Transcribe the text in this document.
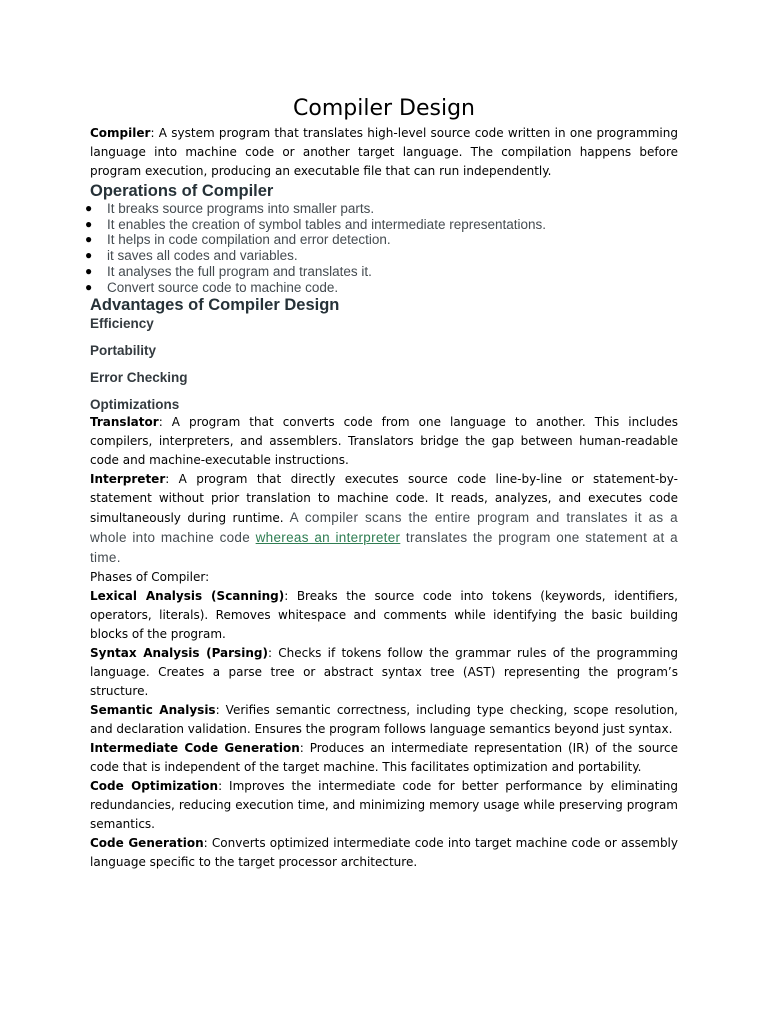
Compiler Design

Compiler: A system program that translates high-level source code written in one programming language into machine code or another target language. The compilation happens before program execution, producing an executable file that can run independently.

Operations of Compiler
● It breaks source programs into smaller parts.
● It enables the creation of symbol tables and intermediate representations.
● It helps in code compilation and error detection.
● it saves all codes and variables.
● It analyses the full program and translates it.
● Convert source code to machine code.
Advantages of Compiler Design

Efficiency

Portability

Error Checking

Optimizations

Translator: A program that converts code from one language to another. This includes compilers, interpreters, and assemblers. Translators bridge the gap between human-readable code and machine-executable instructions.

Interpreter: A program that directly executes source code line-by-line or statement-by-statement without prior translation to machine code. It reads, analyzes, and executes code simultaneously during runtime. A compiler scans the entire program and translates it as a whole into machine code whereas an interpreter translates the program one statement at a time.

Phases of Compiler:

Lexical Analysis (Scanning): Breaks the source code into tokens (keywords, identifiers, operators, literals). Removes whitespace and comments while identifying the basic building blocks of the program.

Syntax Analysis (Parsing): Checks if tokens follow the grammar rules of the programming language. Creates a parse tree or abstract syntax tree (AST) representing the program’s structure.

Semantic Analysis: Verifies semantic correctness, including type checking, scope resolution, and declaration validation. Ensures the program follows language semantics beyond just syntax.

Intermediate Code Generation: Produces an intermediate representation (IR) of the source code that is independent of the target machine. This facilitates optimization and portability.

Code Optimization: Improves the intermediate code for better performance by eliminating redundancies, reducing execution time, and minimizing memory usage while preserving program semantics.

Code Generation: Converts optimized intermediate code into target machine code or assembly language specific to the target processor architecture.
